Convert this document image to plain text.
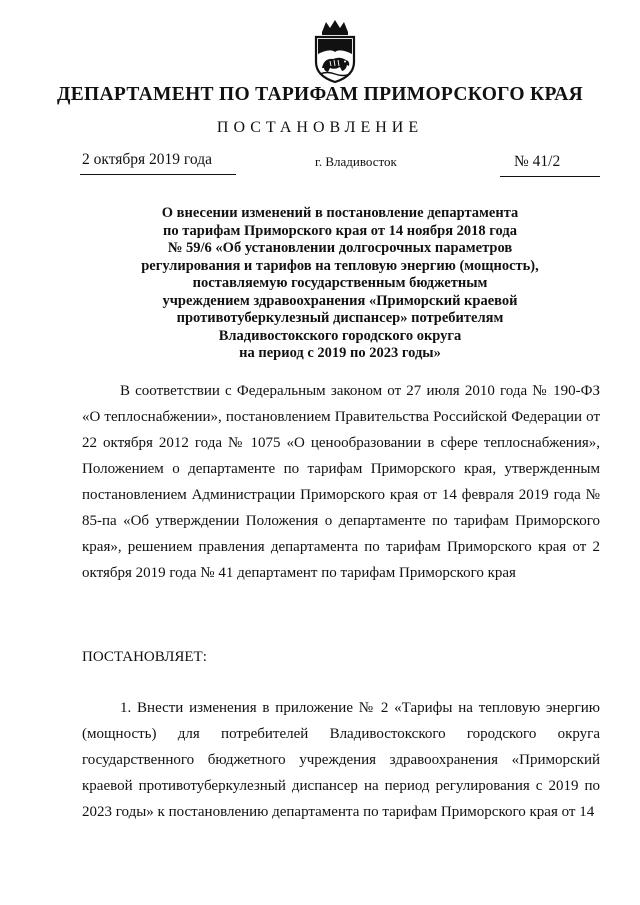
ДЕПАРТАМЕНТ ПО ТАРИФАМ ПРИМОРСКОГО КРАЯ
ПОСТАНОВЛЕНИЕ
2 октября 2019 года	г. Владивосток	№ 41/2
О внесении изменений в постановление департамента
по тарифам Приморского края от 14 ноября 2018 года
№ 59/6 «Об установлении долгосрочных параметров
регулирования и тарифов на тепловую энергию (мощность),
поставляемую государственным бюджетным
учреждением здравоохранения «Приморский краевой
противотуберкулезный диспансер» потребителям
Владивостокского городского округа
на период с 2019 по 2023 годы»

В соответствии с Федеральным законом от 27 июля 2010 года № 190-ФЗ «О теплоснабжении», постановлением Правительства Российской Федерации от 22 октября 2012 года № 1075 «О ценообразовании в сфере теплоснабжения», Положением о департаменте по тарифам Приморского края, утвержденным постановлением Администрации Приморского края от 14 февраля 2019 года № 85-па «Об утверждении Положения о департаменте по тарифам Приморского края», решением правления департамента по тарифам Приморского края от 2 октября 2019 года № 41 департамент по тарифам Приморского края

ПОСТАНОВЛЯЕТ:

1. Внести изменения в приложение № 2 «Тарифы на тепловую энергию (мощность) для потребителей Владивостокского городского округа государственного бюджетного учреждения здравоохранения «Приморский краевой противотуберкулезный диспансер на период регулирования с 2019 по 2023 годы» к постановлению департамента по тарифам Приморского края от 14
